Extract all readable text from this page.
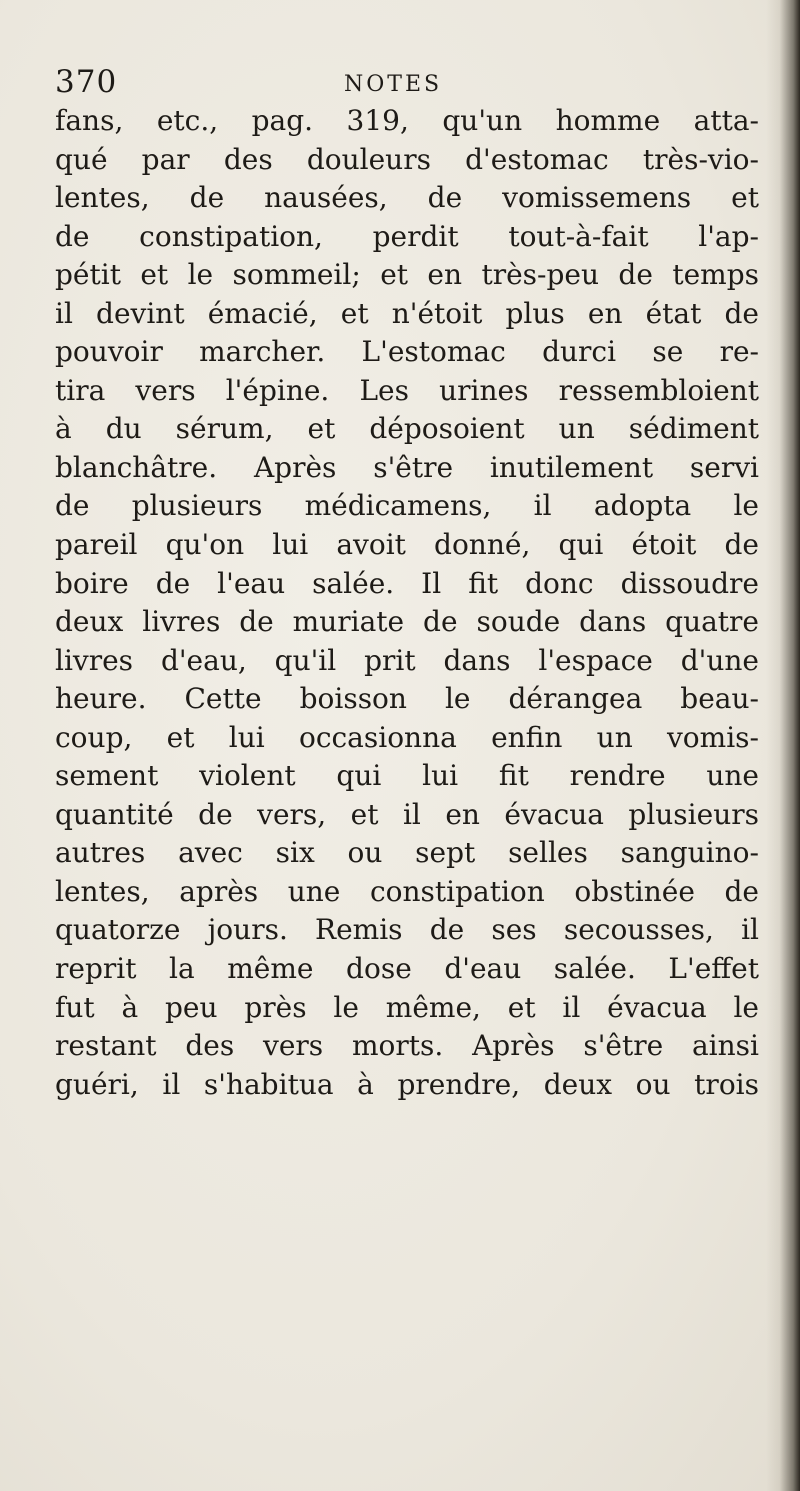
370	NOTES
fans, etc., pag. 319, qu'un homme atta-
qué par des douleurs d'estomac très-vio-
lentes, de nausées, de vomissemens et
de constipation, perdit tout-à-fait l'ap-
pétit et le sommeil; et en très-peu de temps
il devint émacié, et n'étoit plus en état de
pouvoir marcher. L'estomac durci se re-
tira vers l'épine. Les urines ressembloient
à du sérum, et déposoient un sédiment
blanchâtre. Après s'être inutilement servi
de plusieurs médicamens, il adopta le
pareil qu'on lui avoit donné, qui étoit de
boire de l'eau salée. Il fit donc dissoudre
deux livres de muriate de soude dans quatre
livres d'eau, qu'il prit dans l'espace d'une
heure. Cette boisson le dérangea beau-
coup, et lui occasionna enfin un vomis-
sement violent qui lui fit rendre une
quantité de vers, et il en évacua plusieurs
autres avec six ou sept selles sanguino-
lentes, après une constipation obstinée de
quatorze jours. Remis de ses secousses, il
reprit la même dose d'eau salée. L'effet
fut à peu près le même, et il évacua le
restant des vers morts. Après s'être ainsi
guéri, il s'habitua à prendre, deux ou trois
